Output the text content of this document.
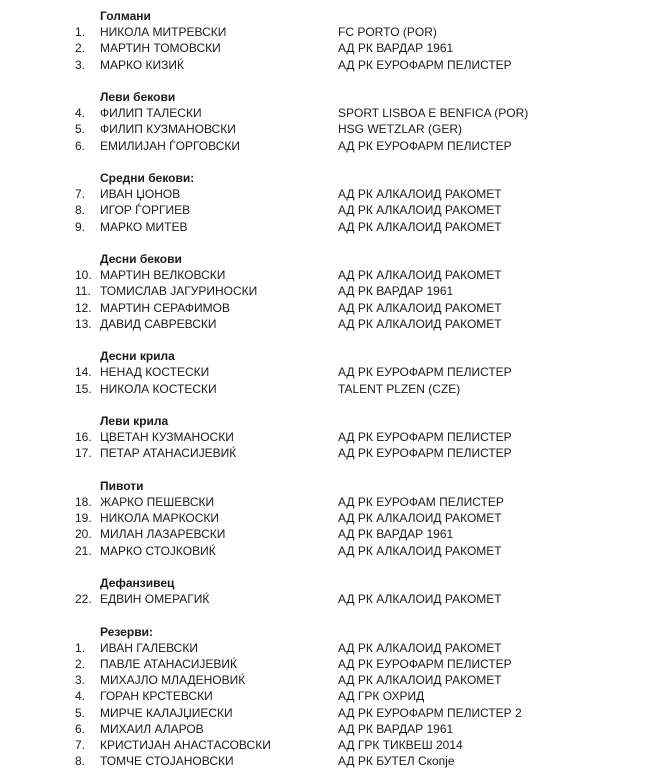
Голмани
1.	НИКОЛА МИТРЕВСКИ	FC PORTO (POR)
2.	МАРТИН ТОМОВСКИ	АД РК ВАРДАР 1961
3.	МАРКО КИЗИЌ	АД РК ЕУРОФАРМ ПЕЛИСТЕР
Леви бекови
4.	ФИЛИП ТАЛЕСКИ	SPORT LISBOA E BENFICA (POR)
5.	ФИЛИП КУЗМАНОВСКИ	HSG WETZLAR (GER)
6.	ЕМИЛИЈАН ЃОРГОВСКИ	АД РК ЕУРОФАРМ ПЕЛИСТЕР
Средни бекови:
7.	ИВАН ЏОНОВ	АД РК АЛКАЛОИД РАКОМЕТ
8.	ИГОР ЃОРГИЕВ	АД РК АЛКАЛОИД РАКОМЕТ
9.	МАРКО МИТЕВ	АД РК АЛКАЛОИД РАКОМЕТ
Десни бекови
10. МАРТИН ВЕЛКОВСКИ	АД РК АЛКАЛОИД РАКОМЕТ
11. ТОМИСЛАВ ЈАГУРИНОСКИ	АД РК ВАРДАР 1961
12. МАРТИН СЕРАФИМОВ	АД РК АЛКАЛОИД РАКОМЕТ
13. ДАВИД САВРЕВСКИ	АД РК АЛКАЛОИД РАКОМЕТ
Десни крила
14. НЕНАД КОСТЕСКИ	АД РК ЕУРОФАРМ ПЕЛИСТЕР
15. НИКОЛА КОСТЕСКИ	TALENT PLZEN (CZE)
Леви крила
16. ЦВЕТАН КУЗМАНОСКИ	АД РК ЕУРОФАРМ ПЕЛИСТЕР
17. ПЕТАР АТАНАСИЈЕВИЌ	АД РК ЕУРОФАРМ ПЕЛИСТЕР
Пивоти
18. ЖАРКО ПЕШЕВСКИ	АД РК ЕУРОФАМ ПЕЛИСТЕР
19. НИКОЛА МАРКОСКИ	АД РК АЛКАЛОИД РАКОМЕТ
20. МИЛАН ЛАЗАРЕВСКИ	АД РК ВАРДАР 1961
21. МАРКО СТОЈКОВИЌ	АД РК АЛКАЛОИД РАКОМЕТ
Дефанзивец
22. ЕДВИН ОМЕРАГИЌ	АД РК АЛКАЛОИД РАКОМЕТ
Резерви:
1.	ИВАН ГАЛЕВСКИ	АД РК АЛКАЛОИД РАКОМЕТ
2.	ПАВЛЕ АТАНАСИЈЕВИЌ	АД РК ЕУРОФАРМ ПЕЛИСТЕР
3.	МИХАЈЛО МЛАДЕНОВИЌ	АД РК АЛКАЛОИД РАКОМЕТ
4.	ГОРАН КРСТЕВСКИ	АД ГРК ОХРИД
5.	МИРЧЕ КАЛАЈЏИЕСКИ	АД РК ЕУРОФАРМ ПЕЛИСТЕР 2
6.	МИХАИЛ АЛАРОВ	АД РК ВАРДАР 1961
7.	КРИСТИЈАН АНАСТАСОВСКИ	АД ГРК ТИКВЕШ 2014
8.	ТОМЧЕ СТОЈАНОВСКИ	АД РК БУТЕЛ Скопје
